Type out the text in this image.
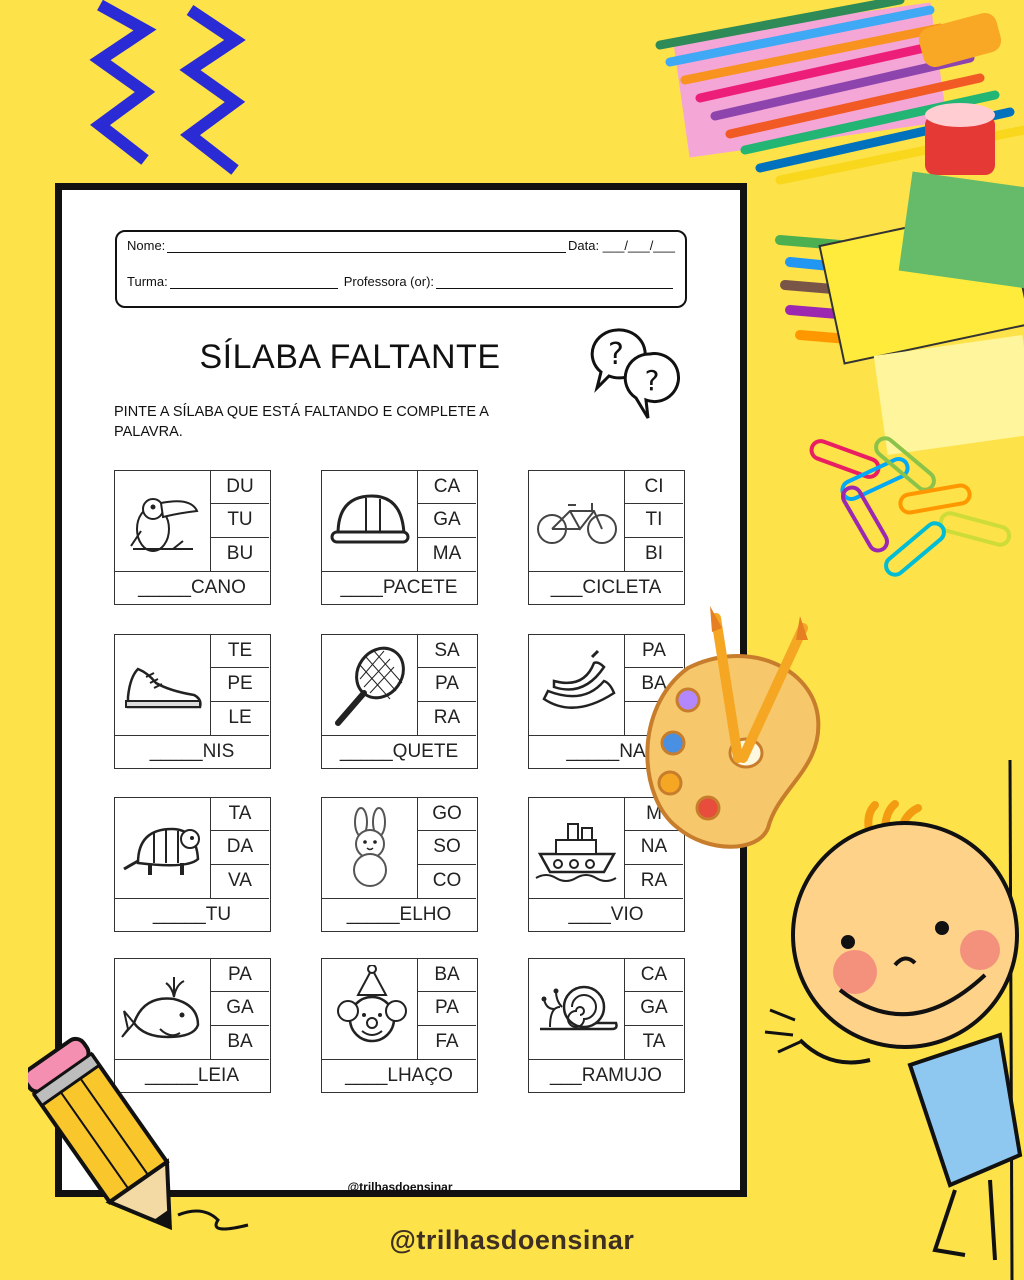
Nome:	Data: ___/___/___
Turma:	Professora (or):
SÍLABA FALTANTE	?
?
PINTE A SÍLABA QUE ESTÁ FALTANDO E COMPLETE A PALAVRA.
DU
TU
BU
_____CANO
CA
GA
MA
____PACETE
CI
TI
BI
___CICLETA
TE
PE
LE
_____NIS
SA
PA
RA
_____QUETE
PA
BA
_____NA
TA
DA
VA
_____TU
GO
SO
CO
_____ELHO
M
NA
RA
____VIO
PA
GA
BA
_____LEIA
BA
PA
FA
____LHAÇO
CA
GA
TA
___RAMUJO
@trilhasdoensinar
@trilhasdoensinar
